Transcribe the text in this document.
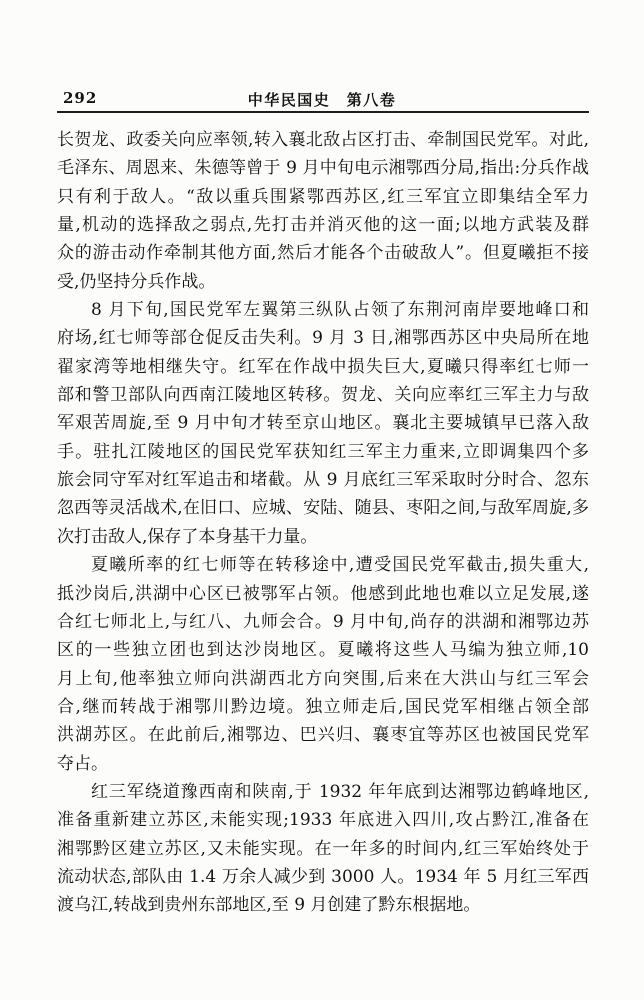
292	中华民国史　第八卷
长贺龙、政委关向应率领,转入襄北敌占区打击、牵制国民党军。对此,
毛泽东、周恩来、朱德等曾于 9 月中旬电示湘鄂西分局,指出:分兵作战
只有利于敌人。“敌以重兵围紧鄂西苏区,红三军宜立即集结全军力
量,机动的选择敌之弱点,先打击并消灭他的这一面;以地方武装及群
众的游击动作牵制其他方面,然后才能各个击破敌人”。但夏曦拒不接
受,仍坚持分兵作战。
8 月下旬,国民党军左翼第三纵队占领了东荆河南岸要地峰口和
府场,红七师等部仓促反击失利。9 月 3 日,湘鄂西苏区中央局所在地
翟家湾等地相继失守。红军在作战中损失巨大,夏曦只得率红七师一
部和警卫部队向西南江陵地区转移。贺龙、关向应率红三军主力与敌
军艰苦周旋,至 9 月中旬才转至京山地区。襄北主要城镇早已落入敌
手。驻扎江陵地区的国民党军获知红三军主力重来,立即调集四个多
旅会同守军对红军追击和堵截。从 9 月底红三军采取时分时合、忽东
忽西等灵活战术,在旧口、应城、安陆、随县、枣阳之间,与敌军周旋,多
次打击敌人,保存了本身基干力量。
夏曦所率的红七师等在转移途中,遭受国民党军截击,损失重大,
抵沙岗后,洪湖中心区已被鄂军占领。他感到此地也难以立足发展,遂
合红七师北上,与红八、九师会合。9 月中旬,尚存的洪湖和湘鄂边苏
区的一些独立团也到达沙岗地区。夏曦将这些人马编为独立师,10
月上旬,他率独立师向洪湖西北方向突围,后来在大洪山与红三军会
合,继而转战于湘鄂川黔边境。独立师走后,国民党军相继占领全部
洪湖苏区。在此前后,湘鄂边、巴兴归、襄枣宜等苏区也被国民党军
夺占。
红三军绕道豫西南和陕南,于 1932 年年底到达湘鄂边鹤峰地区,
准备重新建立苏区,未能实现;1933 年底进入四川,攻占黔江,准备在
湘鄂黔区建立苏区,又未能实现。在一年多的时间内,红三军始终处于
流动状态,部队由 1.4 万余人减少到 3000 人。1934 年 5 月红三军西
渡乌江,转战到贵州东部地区,至 9 月创建了黔东根据地。
